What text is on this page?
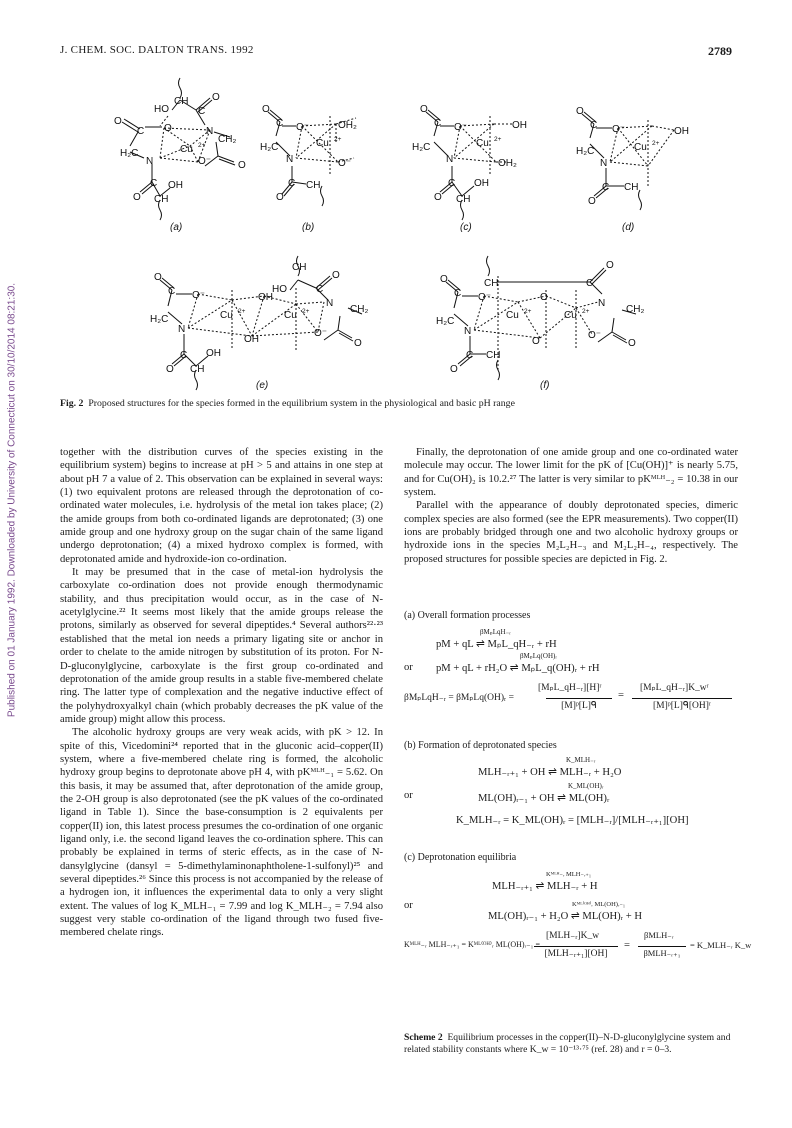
J. CHEM. SOC. DALTON TRANS. 1992	2789
Published on 01 January 1992. Downloaded by University of Connecticut on 30/10/2014 08:21:30.
CH
HO
O
C
N
CH₂
O
C
O
H₂C
N
Cu
O⁻
O
C OH
CH
O
O
C O⁻	OH₂
H₂C
N
Cu
O⁻
O
C CH
O
C O⁻	OH
H₂C
N
Cu
OH₂
O
C OH
CH
O
C O⁻	OH
H₂C
N
Cu
O
C CH
CH
HO
O
C
N
CH₂
O
C O⁻	OH
H₂C
N
Cu	Cu
OH
O⁻
O
C OH
CH
O
CH
O
C
N
CH₂
O
C O⁻	O
H₂C
N
Cu	Cu
O
O⁻
O
C CH
O
2+
2+	2+
2+
2+	2+	2+	2+
(a)	(b)	(c)	(d)
(e)	(f)
Fig. 2 Proposed structures for the species formed in the equilibrium system in the physiological and basic pH range

together with the distribution curves of the species existing in the equilibrium system) begins to increase at pH > 5 and attains in one step at about pH 7 a value of 2. This observation can be explained in several ways: (1) two equivalent protons are released through the deprotonation of co-ordinated water molecules, i.e. hydrolysis of the metal ion takes place; (2) the amide groups from both co-ordinated ligands are deprotonated; (3) one amide group and one hydroxy group on the sugar chain of the same ligand undergo deprotonation; (4) a mixed hydroxo complex is formed, with deprotonated amide and hydroxide-ion co-ordination.

It may be presumed that in the case of metal-ion hydrolysis the carboxylate co-ordination does not provide enough thermodynamic stability, and thus precipitation would occur, as in the case of N-acetylglycine.²² It seems most likely that the amide groups release the protons, similarly as observed for several dipeptides.⁴ Several authors²²·²³ established that the metal ion needs a primary ligating site or anchor in order to chelate to the amide nitrogen by substitution of its proton. For N-D-gluconylglycine, carboxylate is the first group co-ordinated and deprotonation of the amide group results in a stable five-membered chelate ring. The latter type of complexation and the negative inductive effect of the polyhydroxyalkyl chain (which probably decreases the pK value of the amide group) might allow this process.

The alcoholic hydroxy groups are very weak acids, with pK > 12. In spite of this, Vicedomini²⁴ reported that in the gluconic acid–copper(II) system, where a five-membered chelate ring is formed, the alcoholic hydroxy group begins to deprotonate above pH 4, with pKᴹᴸᴴ₋₁ = 5.62. On this basis, it may be assumed that, after deprotonation of the amide group, the 2-OH group is also deprotonated (see the pK values of the co-ordinated ligand in Table 1). Since the base-consumption is 2 equivalents per copper(II) ion, this latest process presumes the co-ordination of one organic ligand only, i.e. the second ligand leaves the co-ordination sphere. This can probably be explained in terms of steric effects, as in the case of N-dansylglycine (dansyl = 5-dimethylaminonaphtholene-1-sulfonyl)²⁵ and several dipeptides.²⁶ Since this process is not accompanied by the release of a hydrogen ion, it influences the experimental data to only a very slight extent. The values of log K_MLH₋₁ = 7.99 and log K_MLH₋₂ = 7.94 also suggest very stable co-ordination of the ligand through two fused five-membered chelate rings.

Finally, the deprotonation of one amide group and one co-ordinated water molecule may occur. The lower limit for the pK of [Cu(OH)]⁺ is nearly 5.75, and for Cu(OH)₂ is 10.2.²⁷ The latter is very similar to pKᴹᴸᴴ₋₂ = 10.38 in our system.

Parallel with the appearance of doubly deprotonated species, dimeric complex species are also formed (see the EPR measurements). Two copper(II) ions are probably bridged through one and two alcoholic hydroxy groups or hydroxide ions in the species M₂L₂H₋₃ and M₂L₂H₋₄, respectively. The proposed structures for possible species are depicted in Fig. 2.

(a) Overall formation processes
βMₚLqH₋ᵣ
pM + qL ⇌ MₚL_qH₋ᵣ + rH
or
βMₚLq(OH)ᵣ
pM + qL + rH₂O ⇌ MₚL_q(OH)ᵣ + rH
βMₚLqH₋ᵣ = βMₚLq(OH)ᵣ =
[MₚL_qH₋ᵣ][H]ʳ
[M]ᵖ[L]ᑫ
=
[MₚL_qH₋ᵣ]K_wʳ
[M]ᵖ[L]ᑫ[OH]ʳ
(b) Formation of deprotonated species
K_MLH₋ᵣ
MLH₋ᵣ₊₁ + OH ⇌ MLH₋ᵣ + H₂O
or
K_ML(OH)ᵣ
ML(OH)ᵣ₋₁ + OH ⇌ ML(OH)ᵣ
K_MLH₋ᵣ = K_ML(OH)ᵣ = [MLH₋ᵣ]/[MLH₋ᵣ₊₁][OH]
(c) Deprotonation equilibria
Kᴹᴸᴴ₋ᵣ MLH₋ᵣ₊₁
MLH₋ᵣ₊₁ ⇌ MLH₋ᵣ + H
or	Kᴹᴸ⁽ᴼᴴ⁾ᵣ ML(OH)ᵣ₋₁
ML(OH)ᵣ₋₁ + H₂O ⇌ ML(OH)ᵣ + H
Kᴹᴸᴴ₋ᵣ MLH₋ᵣ₊₁ = Kᴹᴸ⁽ᴼᴴ⁾ᵣ ML(OH)ᵣ₋₁ =
[MLH₋ᵣ]K_w
[MLH₋ᵣ₊₁][OH]
=
βMLH₋ᵣ
βMLH₋ᵣ₊₁
= K_MLH₋ᵣ K_w
Scheme 2 Equilibrium processes in the copper(II)–N-D-gluconylglycine system and related stability constants where K_w = 10⁻¹³·⁷⁵ (ref. 28) and r = 0–3.
